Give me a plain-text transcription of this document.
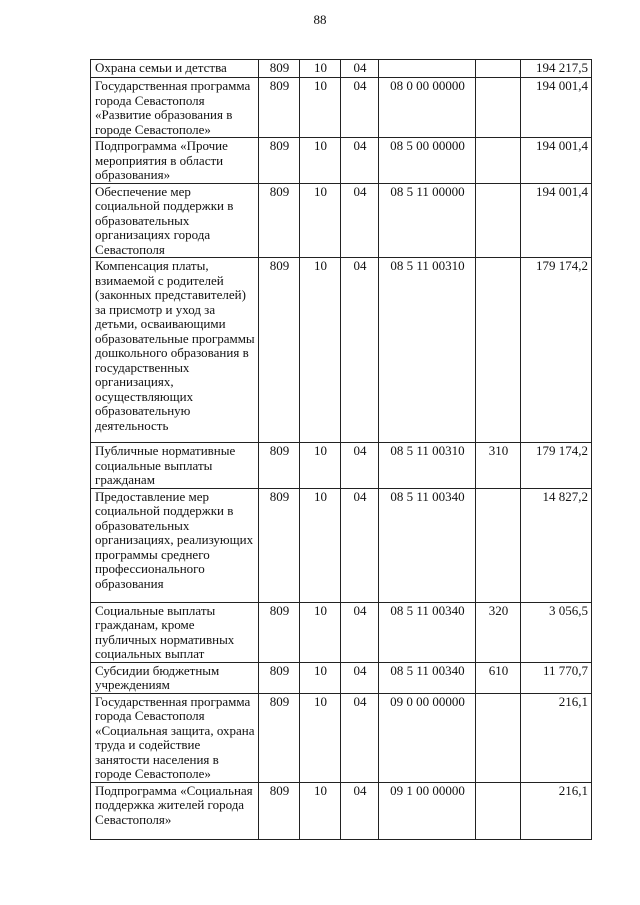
88
Охрана семьи и детства	809	10	04			194 217,5
Государственная программа города Севастополя «Развитие образования в городе Севастополе»	809	10	04	08 0 00 00000		194 001,4
Подпрограмма «Прочие мероприятия в области образования»	809	10	04	08 5 00 00000		194 001,4
Обеспечение мер социальной поддержки в образовательных организациях города Севастополя	809	10	04	08 5 11 00000		194 001,4
Компенсация платы, взимаемой с родителей (законных представителей) за присмотр и уход за детьми, осваивающими образовательные программы дошкольного образования в государственных организациях, осуществляющих образовательную деятельность	809	10	04	08 5 11 00310		179 174,2
Публичные нормативные социальные выплаты гражданам	809	10	04	08 5 11 00310	310	179 174,2
Предоставление мер социальной поддержки в образовательных организациях, реализующих программы среднего профессионального образования	809	10	04	08 5 11 00340		14 827,2
Социальные выплаты гражданам, кроме публичных нормативных социальных выплат	809	10	04	08 5 11 00340	320	3 056,5
Субсидии бюджетным учреждениям	809	10	04	08 5 11 00340	610	11 770,7
Государственная программа города Севастополя «Социальная защита, охрана труда и содействие занятости населения в городе Севастополе»	809	10	04	09 0 00 00000		216,1
Подпрограмма «Социальная поддержка жителей города Севастополя»	809	10	04	09 1 00 00000		216,1
